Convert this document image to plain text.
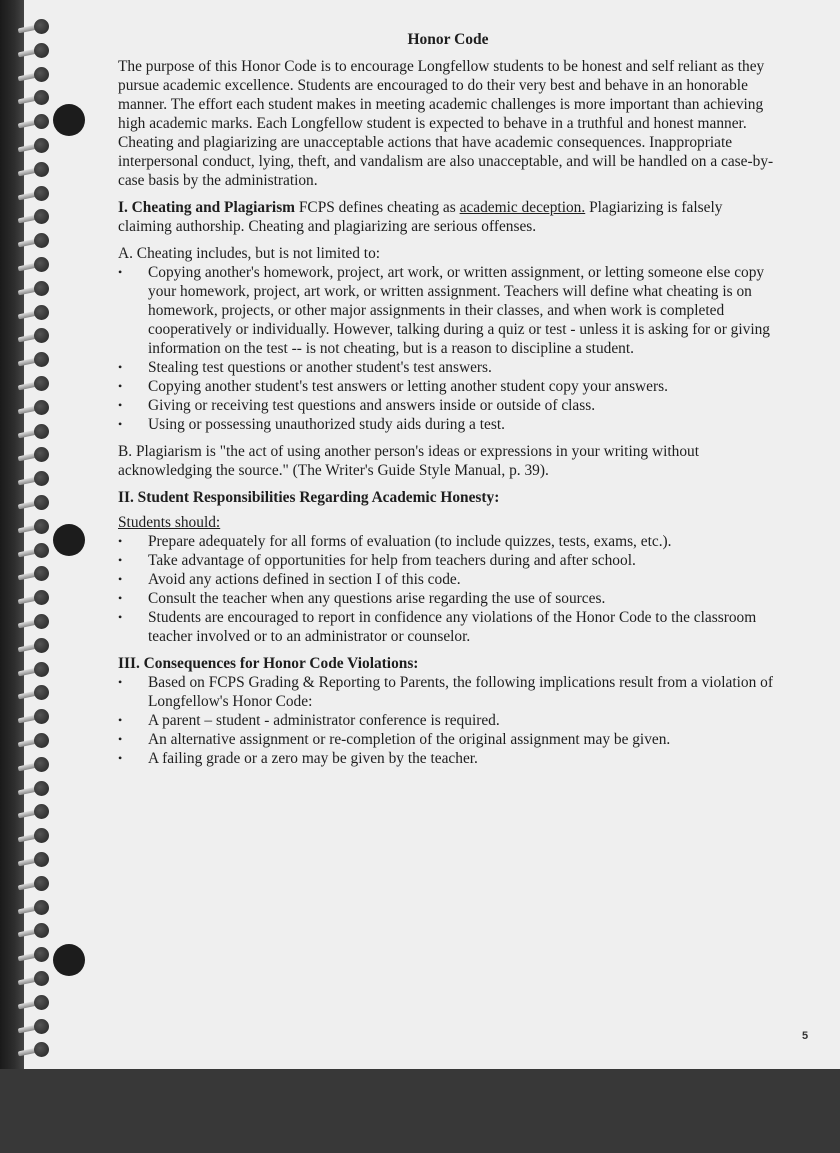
Honor Code

The purpose of this Honor Code is to encourage Longfellow students to be honest and self reliant as they pursue academic excellence. Students are encouraged to do their very best and behave in an honorable manner. The effort each student makes in meeting academic challenges is more important than achieving high academic marks. Each Longfellow student is expected to behave in a truthful and honest manner. Cheating and plagiarizing are unacceptable actions that have academic consequences. Inappropriate interpersonal conduct, lying, theft, and vandalism are also unacceptable, and will be handled on a case-by-case basis by the administration.

I. Cheating and Plagiarism FCPS defines cheating as academic deception. Plagiarizing is falsely claiming authorship. Cheating and plagiarizing are serious offenses.

A. Cheating includes, but is not limited to:
• Copying another's homework, project, art work, or written assignment, or letting someone else copy your homework, project, art work, or written assignment. Teachers will define what cheating is on homework, projects, or other major assignments in their classes, and when work is completed cooperatively or individually. However, talking during a quiz or test - unless it is asking for or giving information on the test -- is not cheating, but is a reason to discipline a student.
• Stealing test questions or another student's test answers.
• Copying another student's test answers or letting another student copy your answers.
• Giving or receiving test questions and answers inside or outside of class.
• Using or possessing unauthorized study aids during a test.

B. Plagiarism is "the act of using another person's ideas or expressions in your writing without acknowledging the source." (The Writer's Guide Style Manual, p. 39).

II. Student Responsibilities Regarding Academic Honesty:

Students should:
• Prepare adequately for all forms of evaluation (to include quizzes, tests, exams, etc.).
• Take advantage of opportunities for help from teachers during and after school.
• Avoid any actions defined in section I of this code.
• Consult the teacher when any questions arise regarding the use of sources.
• Students are encouraged to report in confidence any violations of the Honor Code to the classroom teacher involved or to an administrator or counselor.
III. Consequences for Honor Code Violations:
• Based on FCPS Grading & Reporting to Parents, the following implications result from a violation of Longfellow's Honor Code:
• A parent – student - administrator conference is required.
• An alternative assignment or re-completion of the original assignment may be given.
• A failing grade or a zero may be given by the teacher.
5
